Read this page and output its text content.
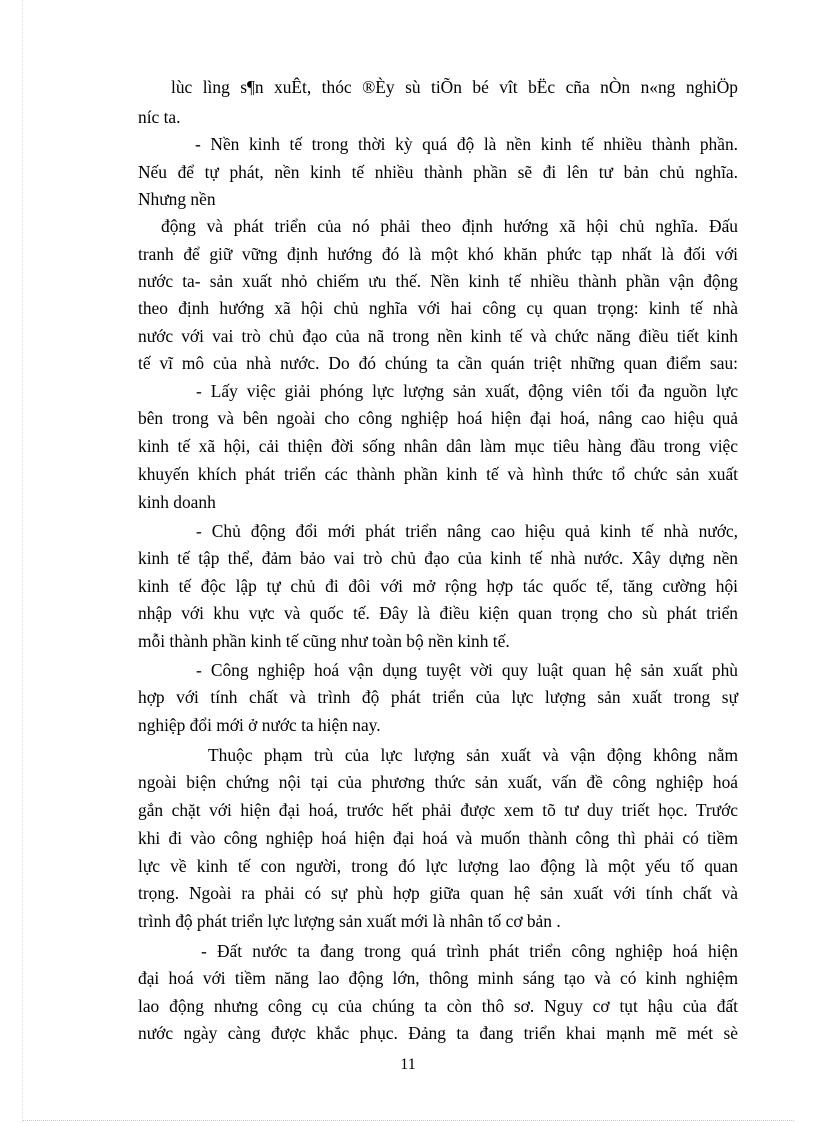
lùc lìng s¶n xuÊt, thóc ®Èy sù tiÕn bé vît bËc cña nÒn n«ng nghiÖp
níc ta.
- Nền kinh tế trong thời kỳ quá độ là nền kinh tế nhiều thành phần.
Nếu để tự phát, nền kinh tế nhiều thành phần sẽ đi lên tư bản chủ nghĩa.
Nhưng nền
động và phát triển của nó phải theo định hướng xã hội chủ nghĩa. Đấu
tranh để giữ vững định hướng đó là một khó khăn phức tạp nhất là đối với
nước ta- sản xuất nhỏ chiếm ưu thế. Nền kinh tế nhiều thành phần vận động
theo định hướng xã hội chủ nghĩa với hai công cụ quan trọng: kinh tế nhà
nước với vai trò chủ đạo của nã trong nền kinh tế và chức năng điều tiết kinh
tế vĩ mô của nhà nước. Do đó chúng ta cần quán triệt những quan điểm sau:
- Lấy việc giải phóng lực lượng sản xuất, động viên tối đa nguồn lực
bên trong và bên ngoài cho công nghiệp hoá hiện đại hoá, nâng cao hiệu quả
kinh tế xã hội, cải thiện đời sống nhân dân làm mục tiêu hàng đầu trong việc
khuyến khích phát triển các thành phần kinh tế và hình thức tổ chức sản xuất
kinh doanh
- Chủ động đổi mới phát triển nâng cao hiệu quả kinh tế nhà nước,
kinh tế tập thể, đảm bảo vai trò chủ đạo của kinh tế nhà nước. Xây dựng nền
kinh tế độc lập tự chủ đi đôi với mở rộng hợp tác quốc tế, tăng cường hội
nhập với khu vực và quốc tế. Đây là điều kiện quan trọng cho sù phát triển
mỗi thành phần kinh tế cũng như toàn bộ nền kinh tế.
- Công nghiệp hoá vận dụng tuyệt vời quy luật quan hệ sản xuất phù
hợp với tính chất và trình độ phát triển của lực lượng sản xuất trong sự
nghiệp đổi mới ở nước ta hiện nay.
Thuộc phạm trù của lực lượng sản xuất và vận động không nằm
ngoài biện chứng nội tại của phương thức sản xuất, vấn đề công nghiệp hoá
gắn chặt với hiện đại hoá, trước hết phải được xem tõ tư duy triết học. Trước
khi đi vào công nghiệp hoá hiện đại hoá và muốn thành công thì phải có tiềm
lực về kinh tế con người, trong đó lực lượng lao động là một yếu tố quan
trọng. Ngoài ra phải có sự phù hợp giữa quan hệ sản xuất với tính chất và
trình độ phát triển lực lượng sản xuất mới là nhân tố cơ bản .
- Đất nước ta đang trong quá trình phát triển công nghiệp hoá hiện
đại hoá với tiềm năng lao động lớn, thông minh sáng tạo và có kinh nghiệm
lao động nhưng công cụ của chúng ta còn thô sơ. Nguy cơ tụt hậu của đất
nước ngày càng được khắc phục. Đảng ta đang triển khai mạnh mẽ mét sè
11
